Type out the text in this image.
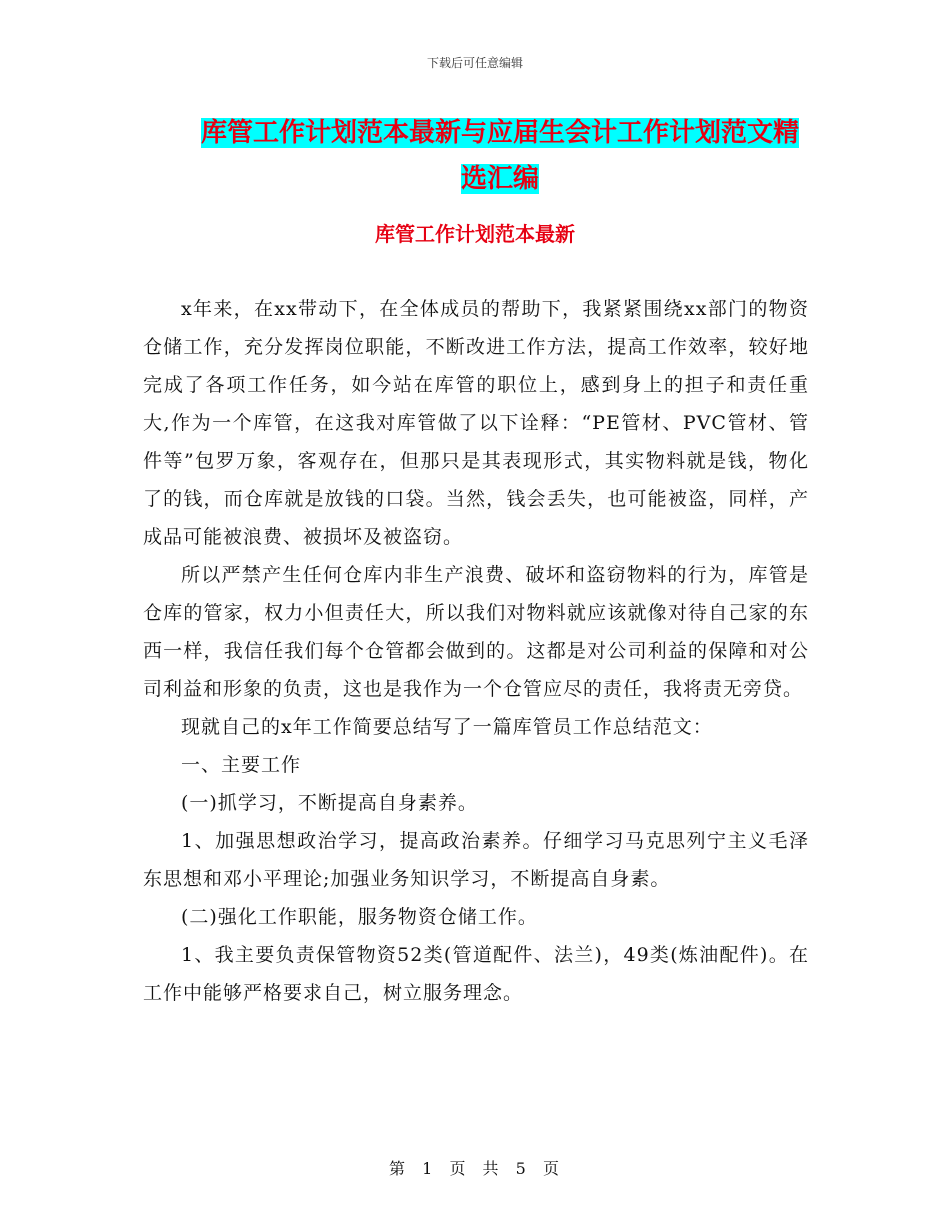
下载后可任意编辑
库管工作计划范本最新与应届生会计工作计划范文精
选汇编
库管工作计划范本最新

x年来，在xx带动下，在全体成员的帮助下，我紧紧围绕xx部门的物资仓储工作，充分发挥岗位职能，不断改进工作方法，提高工作效率，较好地完成了各项工作任务，如今站在库管的职位上，感到身上的担子和责任重大,作为一个库管，在这我对库管做了以下诠释：“PE管材、PVC管材、管件等”包罗万象，客观存在，但那只是其表现形式，其实物料就是钱，物化了的钱，而仓库就是放钱的口袋。当然，钱会丢失，也可能被盗，同样，产成品可能被浪费、被损坏及被盗窃。

所以严禁产生任何仓库内非生产浪费、破坏和盗窃物料的行为，库管是仓库的管家，权力小但责任大，所以我们对物料就应该就像对待自己家的东西一样，我信任我们每个仓管都会做到的。这都是对公司利益的保障和对公司利益和形象的负责，这也是我作为一个仓管应尽的责任，我将责无旁贷。

现就自己的x年工作简要总结写了一篇库管员工作总结范文：

一、主要工作

(一)抓学习，不断提高自身素养。

1、加强思想政治学习，提高政治素养。仔细学习马克思列宁主义毛泽东思想和邓小平理论;加强业务知识学习，不断提高自身素。

(二)强化工作职能，服务物资仓储工作。

1、我主要负责保管物资52类(管道配件、法兰)，49类(炼油配件)。在工作中能够严格要求自己，树立服务理念。

第 1 页 共 5 页
